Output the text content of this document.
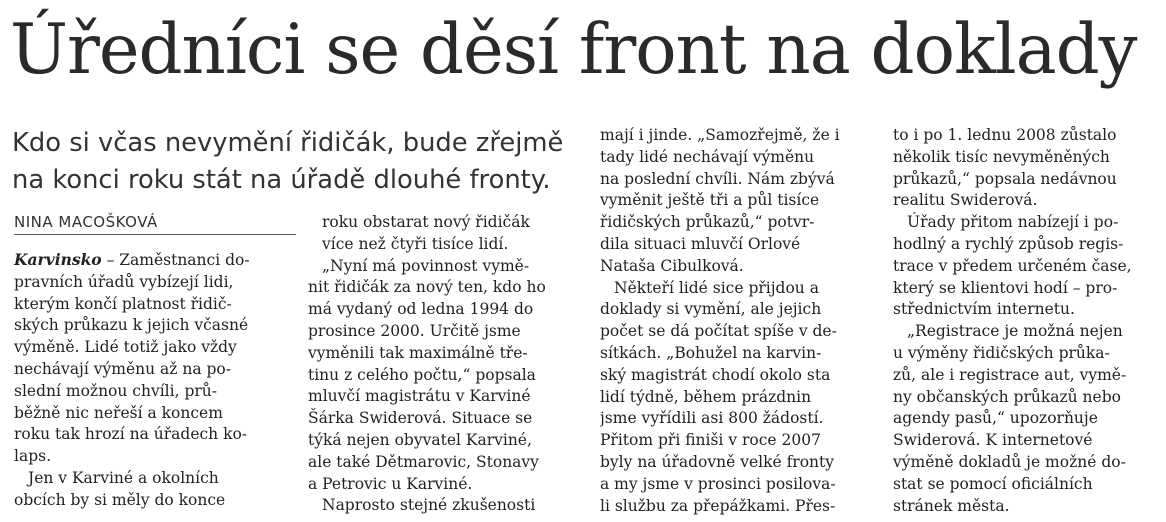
Úředníci se děsí front na doklady
Kdo si včas nevymění řidičák, bude zřejmě
na konci roku stát na úřadě dlouhé fronty.
NINA MACOŠKOVÁ
Karvinsko – Zaměstnanci do-
pravních úřadů vybízejí lidi,
kterým končí platnost řidič-
ských průkazu k jejich včasné
výměně. Lidé totiž jako vždy
nechávají výměnu až na po-
slední možnou chvíli, prů-
běžně nic neřeší a koncem
roku tak hrozí na úřadech ko-
laps.
Jen v Karviné a okolních
obcích by si měly do konce
roku obstarat nový řidičák
více než čtyři tisíce lidí.
„Nyní má povinnost vymě-
nit řidičák za nový ten, kdo ho
má vydaný od ledna 1994 do
prosince 2000. Určitě jsme
vyměnili tak maximálně tře-
tinu z celého počtu,“ popsala
mluvčí magistrátu v Karviné
Šárka Swiderová. Situace se
týká nejen obyvatel Karviné,
ale také Dětmarovic, Stonavy
a Petrovic u Karviné.
Naprosto stejné zkušenosti
mají i jinde. „Samozřejmě, že i
tady lidé nechávají výměnu
na poslední chvíli. Nám zbývá
vyměnit ještě tři a půl tisíce
řidičských průkazů,“ potvr-
dila situaci mluvčí Orlové
Nataša Cibulková.
Někteří lidé sice přijdou a
doklady si vymění, ale jejich
počet se dá počítat spíše v de-
sítkách. „Bohužel na karvin-
ský magistrát chodí okolo sta
lidí týdně, během prázdnin
jsme vyřídili asi 800 žádostí.
Přitom při finiši v roce 2007
byly na úřadovně velké fronty
a my jsme v prosinci posilova-
li službu za přepážkami. Přes-
to i po 1. lednu 2008 zůstalo
několik tisíc nevyměněných
průkazů,“ popsala nedávnou
realitu Swiderová.
Úřady přitom nabízejí i po-
hodlný a rychlý způsob regis-
trace v předem určeném čase,
který se klientovi hodí – pro-
střednictvím internetu.
„Registrace je možná nejen
u výměny řidičských průka-
zů, ale i registrace aut, vymě-
ny občanských průkazů nebo
agendy pasů,“ upozorňuje
Swiderová. K internetové
výměně dokladů je možné do-
stat se pomocí oficiálních
stránek města.
